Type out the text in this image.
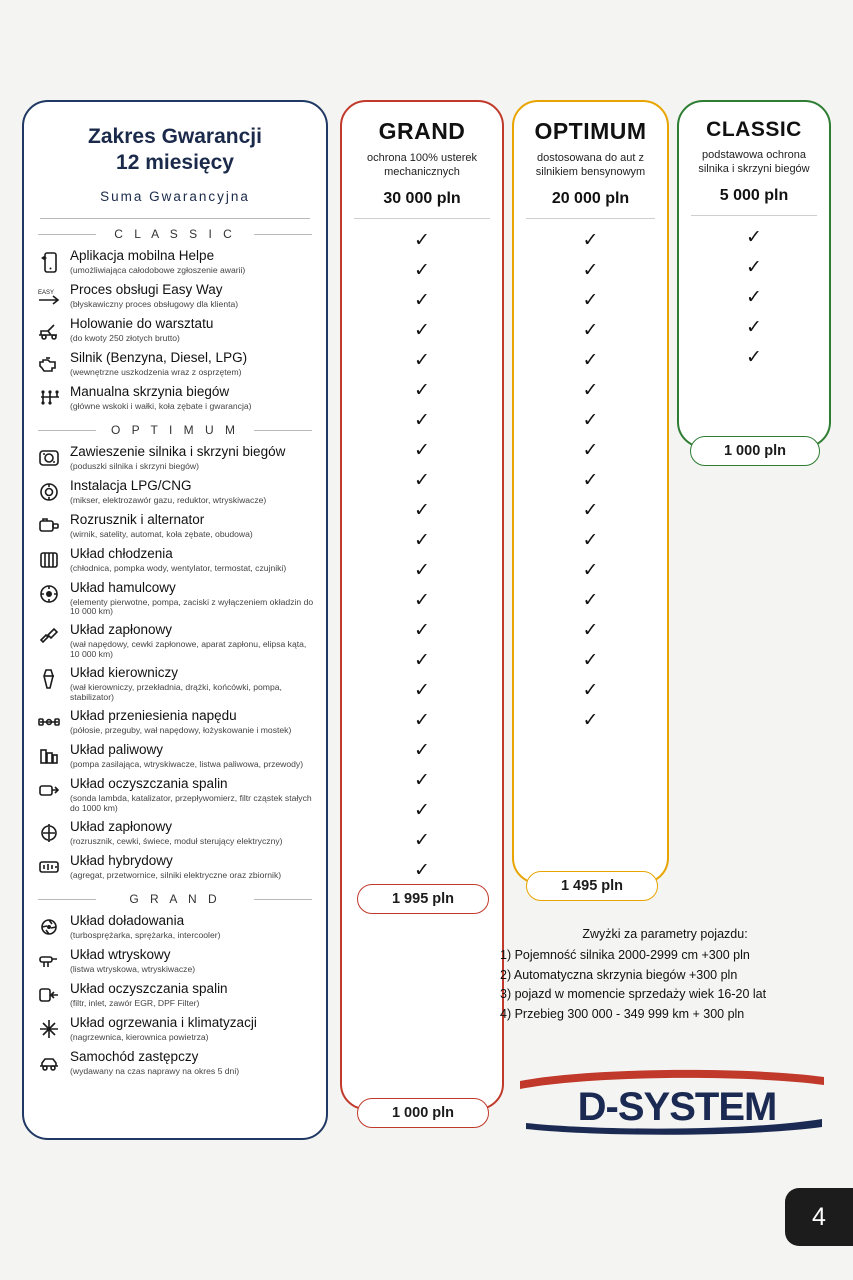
Zakres Gwarancji
12 miesięcy
Suma Gwarancyjna
C L A S S I C
Aplikacja mobilna Helpe
(umożliwiająca całodobowe zgłoszenie awarii)
EASY Proces obsługi Easy Way
(błyskawiczny proces obsługowy dla klienta)
Holowanie do warsztatu
(do kwoty 250 złotych brutto)
Silnik (Benzyna, Diesel, LPG)
(wewnętrzne uszkodzenia wraz z osprzętem)
Manualna skrzynia biegów
(główne wskoki i wałki, koła zębate i gwarancja)
O P T I M U M
Zawieszenie silnika i skrzyni biegów
(poduszki silnika i skrzyni biegów)
Instalacja LPG/CNG
(mikser, elektrozawór gazu, reduktor, wtryskiwacze)
Rozrusznik i alternator
(wirnik, satelity, automat, koła zębate, obudowa)
Układ chłodzenia
(chłodnica, pompka wody, wentylator, termostat, czujniki)
Układ hamulcowy
(elementy pierwotne, pompa, zaciski z wyłączeniem okładzin do 10 000 km)
Układ zapłonowy
(wał napędowy, cewki zapłonowe, aparat zapłonu, elipsa kąta, 10 000 km)
Układ kierowniczy
(wał kierowniczy, przekładnia, drążki, końcówki, pompa, stabilizator)
Układ przeniesienia napędu
(półosie, przeguby, wał napędowy, łożyskowanie i mostek)
Układ paliwowy
(pompa zasilająca, wtryskiwacze, listwa paliwowa, przewody)
Układ oczyszczania spalin
(sonda lambda, katalizator, przepływomierz, filtr cząstek stałych do 1000 km)
Układ zapłonowy
(rozrusznik, cewki, świece, moduł sterujący elektryczny)
Układ hybrydowy
(agregat, przetwornice, silniki elektryczne oraz zbiornik)
G R A N D
Układ doładowania
(turbosprężarka, sprężarka, intercooler)
Układ wtryskowy
(listwa wtryskowa, wtryskiwacze)
Układ oczyszczania spalin
(filtr, inlet, zawór EGR, DPF Filter)
Układ ogrzewania i klimatyzacji
(nagrzewnica, kierownica powietrza)
Samochód zastępczy
(wydawany na czas naprawy na okres 5 dni)
GRAND
ochrona 100% usterek mechanicznych
30 000 pln
✓
✓
✓
✓
✓
✓
✓
✓
✓
✓
✓
✓
✓
✓
✓
✓
✓
✓
✓
✓
✓
✓
OPTIMUM
dostosowana do aut z silnikiem bensynowym
20 000 pln
✓
✓
✓
✓
✓
✓
✓
✓
✓
✓
✓
✓
✓
✓
✓
✓
✓
CLASSIC
podstawowa ochrona silnika i skrzyni biegów
5 000 pln
✓
✓
✓
✓
✓
1 000 pln
1 495 pln
1 995 pln
1 000 pln
Zwyżki za parametry pojazdu:
1) Pojemność silnika 2000-2999 cm +300 pln
2) Automatyczna skrzynia biegów +300 pln
3) pojazd w momencie sprzedaży wiek 16-20 lat
4) Przebieg 300 000 - 349 999 km + 300 pln
D-SYSTEM
4
